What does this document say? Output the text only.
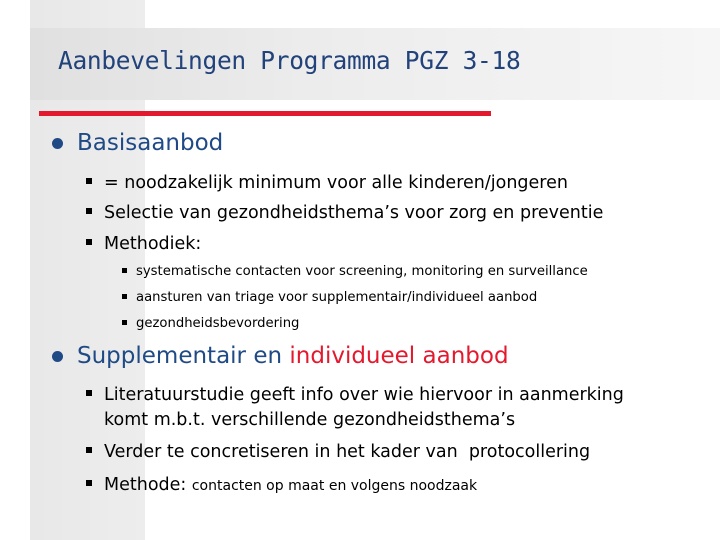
Aanbevelingen Programma PGZ 3-18
Basisaanbod
= noodzakelijk minimum voor alle kinderen/jongeren
Selectie van gezondheidsthema’s voor zorg en preventie
Methodiek:
systematische contacten voor screening, monitoring en surveillance
aansturen van triage voor supplementair/individueel aanbod
gezondheidsbevordering
Supplementair en individueel aanbod
Literatuurstudie geeft info over wie hiervoor in aanmerking
komt m.b.t. verschillende gezondheidsthema’s
Verder te concretiseren in het kader van  protocollering
Methode: contacten op maat en volgens noodzaak
